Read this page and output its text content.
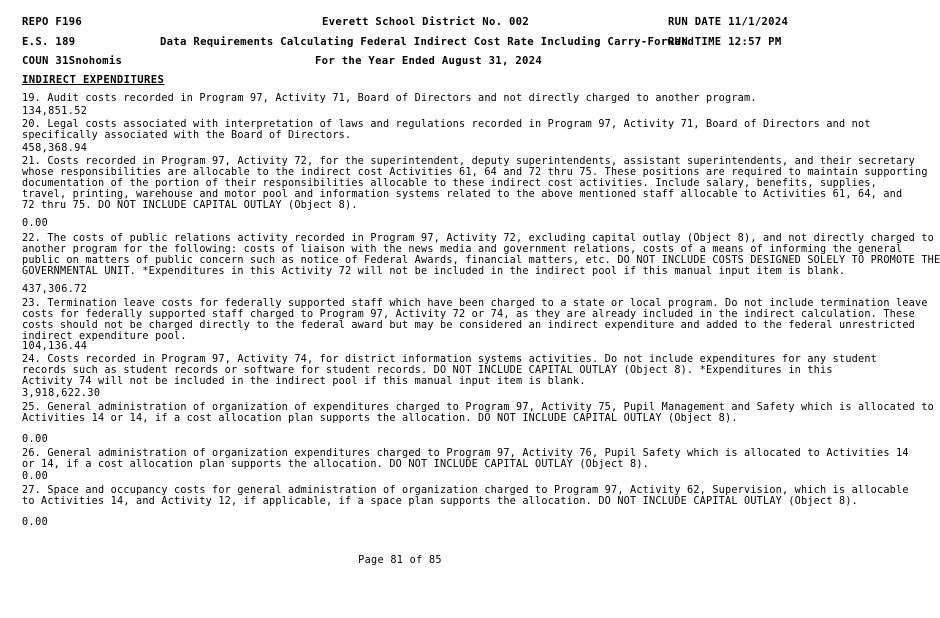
REPO F196	Everett School District No. 002	RUN DATE 11/1/2024
E.S. 189	Data Requirements Calculating Federal Indirect Cost Rate Including Carry-Forward
RUN TIME 12:57 PM
COUN 31Snohomis	For the Year Ended August 31, 2024
INDIRECT EXPENDITURES
19. Audit costs recorded in Program 97, Activity 71, Board of Directors and not directly charged to another program.
134,851.52
20. Legal costs associated with interpretation of laws and regulations recorded in Program 97, Activity 71, Board of Directors and not
specifically associated with the Board of Directors.
458,368.94
21. Costs recorded in Program 97, Activity 72, for the superintendent, deputy superintendents, assistant superintendents, and their secretary
whose responsibilities are allocable to the indirect cost Activities 61, 64 and 72 thru 75. These positions are required to maintain supporting
documentation of the portion of their responsibilities allocable to these indirect cost activities. Include salary, benefits, supplies,
travel, printing, warehouse and motor pool and information systems related to the above mentioned staff allocable to Activities 61, 64, and
72 thru 75. DO NOT INCLUDE CAPITAL OUTLAY (Object 8).
0.00
22. The costs of public relations activity recorded in Program 97, Activity 72, excluding capital outlay (Object 8), and not directly charged to
another program for the following: costs of liaison with the news media and government relations, costs of a means of informing the general
public on matters of public concern such as notice of Federal Awards, financial matters, etc. DO NOT INCLUDE COSTS DESIGNED SOLELY TO PROMOTE THE
GOVERNMENTAL UNIT. *Expenditures in this Activity 72 will not be included in the indirect pool if this manual input item is blank.
437,306.72
23. Termination leave costs for federally supported staff which have been charged to a state or local program. Do not include termination leave
costs for federally supported staff charged to Program 97, Activity 72 or 74, as they are already included in the indirect calculation. These
costs should not be charged directly to the federal award but may be considered an indirect expenditure and added to the federal unrestricted
indirect expenditure pool.
104,136.44
24. Costs recorded in Program 97, Activity 74, for district information systems activities. Do not include expenditures for any student
records such as student records or software for student records. DO NOT INCLUDE CAPITAL OUTLAY (Object 8). *Expenditures in this
Activity 74 will not be included in the indirect pool if this manual input item is blank.
3,918,622.30
25. General administration of organization of expenditures charged to Program 97, Activity 75, Pupil Management and Safety which is allocated to
Activities 14 or 14, if a cost allocation plan supports the allocation. DO NOT INCLUDE CAPITAL OUTLAY (Object 8).
0.00
26. General administration of organization expenditures charged to Program 97, Activity 76, Pupil Safety which is allocated to Activities 14
or 14, if a cost allocation plan supports the allocation. DO NOT INCLUDE CAPITAL OUTLAY (Object 8).
0.00
27. Space and occupancy costs for general administration of organization charged to Program 97, Activity 62, Supervision, which is allocable
to Activities 14, and Activity 12, if applicable, if a space plan supports the allocation. DO NOT INCLUDE CAPITAL OUTLAY (Object 8).
0.00
Page 81 of 85
